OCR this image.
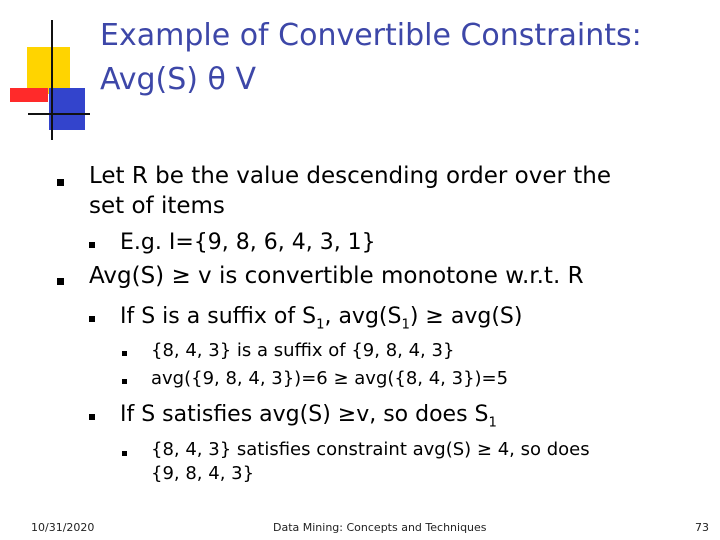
Example of Convertible Constraints:
Avg(S) θ V
Let R be the value descending order over the
set of items
E.g. I={9, 8, 6, 4, 3, 1}
Avg(S) ≥ v is convertible monotone w.r.t. R
If S is a suffix of $S_1$, $avg(S_1) \ge avg(S)$
{8, 4, 3} is a suffix of {9, 8, 4, 3}
avg({9, 8, 4, 3})=6 ≥ avg({8, 4, 3})=5
If S satisfies avg(S) ≥v, so does $S_1$
{8, 4, 3} satisfies constraint avg(S) ≥ 4, so does
{9, 8, 4, 3}
10/31/2020	Data Mining: Concepts and Techniques	73
